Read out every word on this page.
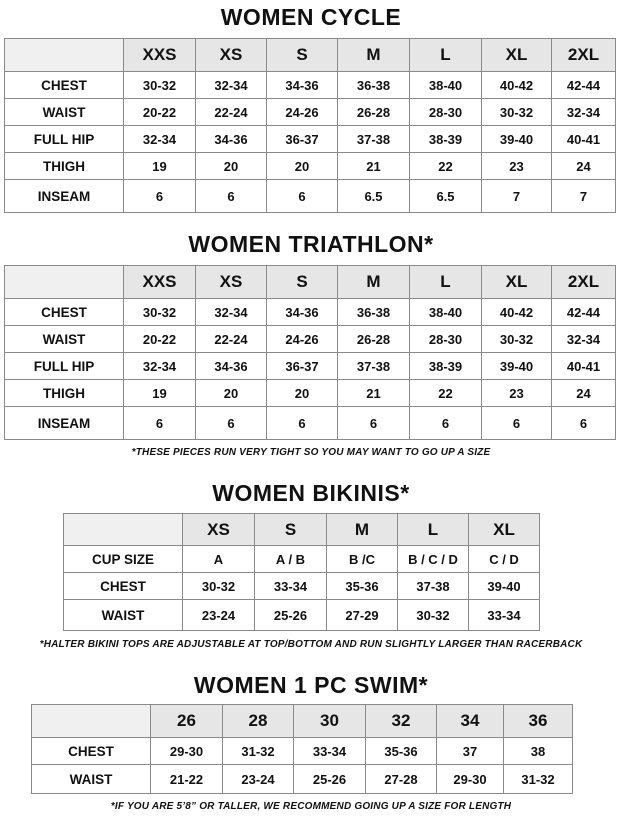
WOMEN CYCLE
	XXS	XS	S	M	L	XL	2XL
CHEST	30-32	32-34	34-36	36-38	38-40	40-42	42-44
WAIST	20-22	22-24	24-26	26-28	28-30	30-32	32-34
FULL HIP	32-34	34-36	36-37	37-38	38-39	39-40	40-41
THIGH	19	20	20	21	22	23	24
INSEAM	6	6	6	6.5	6.5	7	7
WOMEN TRIATHLON*
	XXS	XS	S	M	L	XL	2XL
CHEST	30-32	32-34	34-36	36-38	38-40	40-42	42-44
WAIST	20-22	22-24	24-26	26-28	28-30	30-32	32-34
FULL HIP	32-34	34-36	36-37	37-38	38-39	39-40	40-41
THIGH	19	20	20	21	22	23	24
INSEAM	6	6	6	6	6	6	6

*THESE PIECES RUN VERY TIGHT SO YOU MAY WANT TO GO UP A SIZE

WOMEN BIKINIS*
	XS	S	M	L	XL
CUP SIZE	A	A / B	B /C	B / C / D	C / D
CHEST	30-32	33-34	35-36	37-38	39-40
WAIST	23-24	25-26	27-29	30-32	33-34

*HALTER BIKINI TOPS ARE ADJUSTABLE AT TOP/BOTTOM AND RUN SLIGHTLY LARGER THAN RACERBACK

WOMEN 1 PC SWIM*
	26	28	30	32	34	36
CHEST	29-30	31-32	33-34	35-36	37	38
WAIST	21-22	23-24	25-26	27-28	29-30	31-32

*IF YOU ARE 5’8” OR TALLER, WE RECOMMEND GOING UP A SIZE FOR LENGTH
